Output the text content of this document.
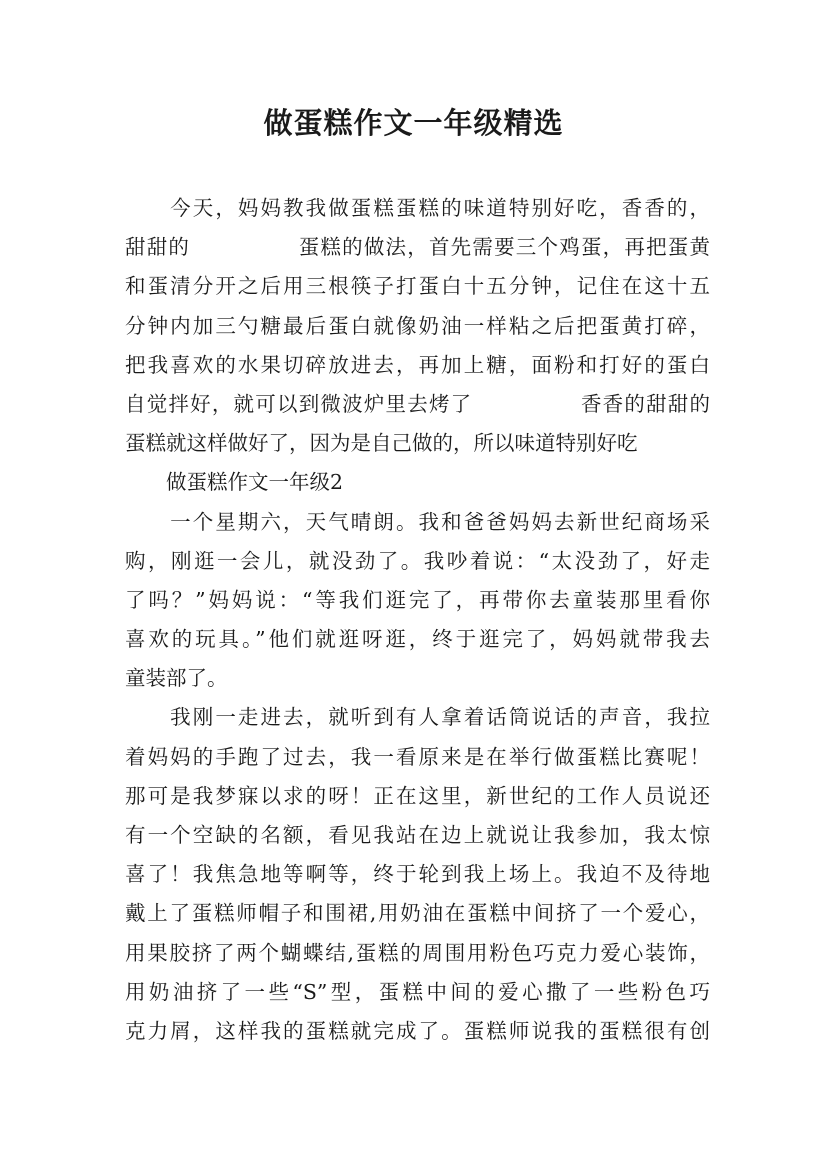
做蛋糕作文一年级精选
　　今天，妈妈教我做蛋糕蛋糕的味道特别好吃，香香的，
甜甜的　　　　　蛋糕的做法，首先需要三个鸡蛋，再把蛋黄
和蛋清分开之后用三根筷子打蛋白十五分钟，记住在这十五
分钟内加三勺糖最后蛋白就像奶油一样粘之后把蛋黄打碎，
把我喜欢的水果切碎放进去，再加上糖，面粉和打好的蛋白
自觉拌好，就可以到微波炉里去烤了　　　　　香香的甜甜的
蛋糕就这样做好了，因为是自己做的，所以味道特别好吃
　　做蛋糕作文一年级2
　　一个星期六，天气晴朗。我和爸爸妈妈去新世纪商场采
购，刚逛一会儿，就没劲了。我吵着说：“太没劲了，好走
了吗？”妈妈说：“等我们逛完了，再带你去童装那里看你
喜欢的玩具。”他们就逛呀逛，终于逛完了，妈妈就带我去
童装部了。
　　我刚一走进去，就听到有人拿着话筒说话的声音，我拉
着妈妈的手跑了过去，我一看原来是在举行做蛋糕比赛呢！
那可是我梦寐以求的呀！正在这里，新世纪的工作人员说还
有一个空缺的名额，看见我站在边上就说让我参加，我太惊
喜了！我焦急地等啊等，终于轮到我上场上。我迫不及待地
戴上了蛋糕师帽子和围裙,用奶油在蛋糕中间挤了一个爱心，
用果胶挤了两个蝴蝶结,蛋糕的周围用粉色巧克力爱心装饰，
用奶油挤了一些“S”型，蛋糕中间的爱心撒了一些粉色巧
克力屑，这样我的蛋糕就完成了。蛋糕师说我的蛋糕很有创
